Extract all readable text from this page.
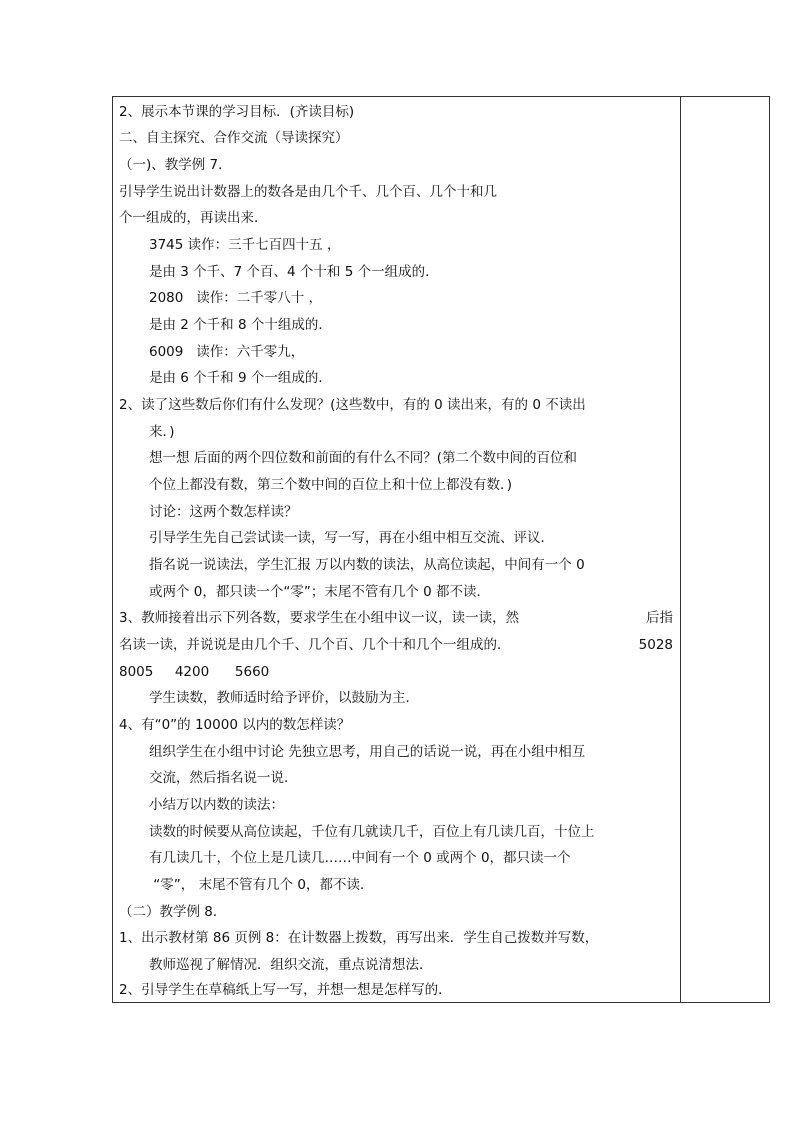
2、展示本节课的学习目标．(齐读目标)
二、自主探究、合作交流（导读探究）
（一)、教学例 7．
引导学生说出计数器上的数各是由几个千、几个百、几个十和几
个一组成的，再读出来．
3745 读作：三千七百四十五 ，
是由 3 个千、7 个百、4 个十和 5 个一组成的．
2080   读作：二千零八十 ，
是由 2 个千和 8 个十组成的．
6009   读作：六千零九，
是由 6 个千和 9 个一组成的．
2、读了这些数后你们有什么发现？(这些数中，有的 0 读出来，有的 0 不读出
来．)
想一想 后面的两个四位数和前面的有什么不同？(第二个数中间的百位和
个位上都没有数，第三个数中间的百位上和十位上都没有数．)
讨论：这两个数怎样读？
引导学生先自己尝试读一读，写一写，再在小组中相互交流、评议．
指名说一说读法，学生汇报 万以内数的读法，从高位读起，中间有一个 0
或两个 0，都只读一个“零”；末尾不管有几个 0 都不读．
3、教师接着出示下列各数，要求学生在小组中议一议，读一读，然	后指
名读一读，并说说是由几个千、几个百、几个十和几个一组成的．	5028
8005     4200      5660
学生读数，教师适时给予评价，以鼓励为主．
4、有“0”的 10000 以内的数怎样读？
组织学生在小组中讨论 先独立思考，用自己的话说一说，再在小组中相互
交流，然后指名说一说．
小结万以内数的读法：
读数的时候要从高位读起，千位有几就读几千，百位上有几读几百，十位上
有几读几十，个位上是几读几……中间有一个 0 或两个 0，都只读一个
“零”， 末尾不管有几个 0，都不读．
（二）教学例 8．
1、出示教材第 86 页例 8：在计数器上拨数，再写出来．学生自己拨数并写数，
教师巡视了解情况．组织交流，重点说清想法．
2、引导学生在草稿纸上写一写，并想一想是怎样写的．
